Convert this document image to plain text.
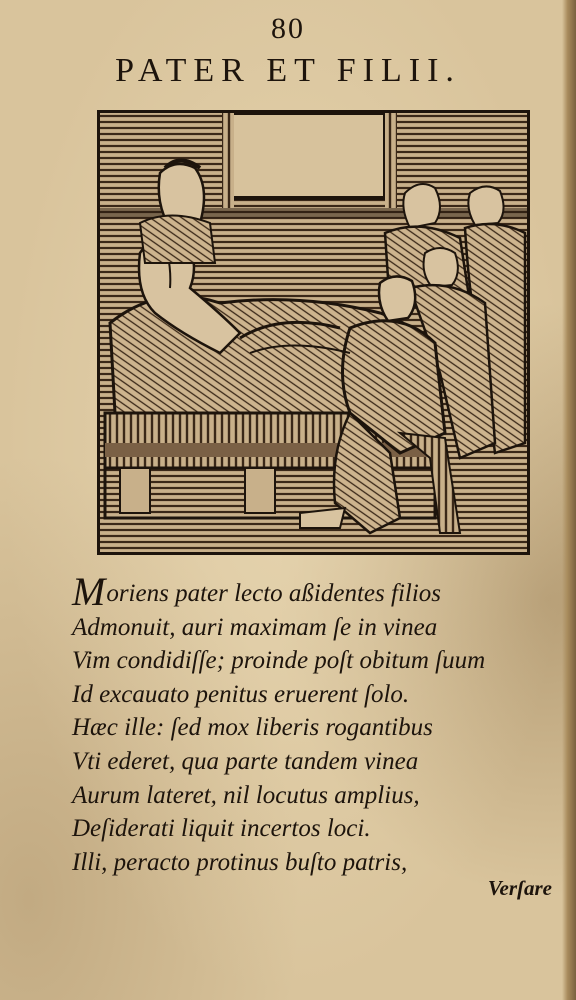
80
PATER ET FILII.
Moriens pater lecto aßidentes filios
Admonuit, auri maximam ſe in vinea
Vim condidiſſe; proinde poſt obitum ſuum
Id excauato penitus eruerent ſolo.
Hæc ille: ſed mox liberis rogantibus
Vti ederet, qua parte tandem vinea
Aurum lateret, nil locutus amplius,
Deſiderati liquit incertos loci.
Illi, peracto protinus buſto patris,
Verſare
